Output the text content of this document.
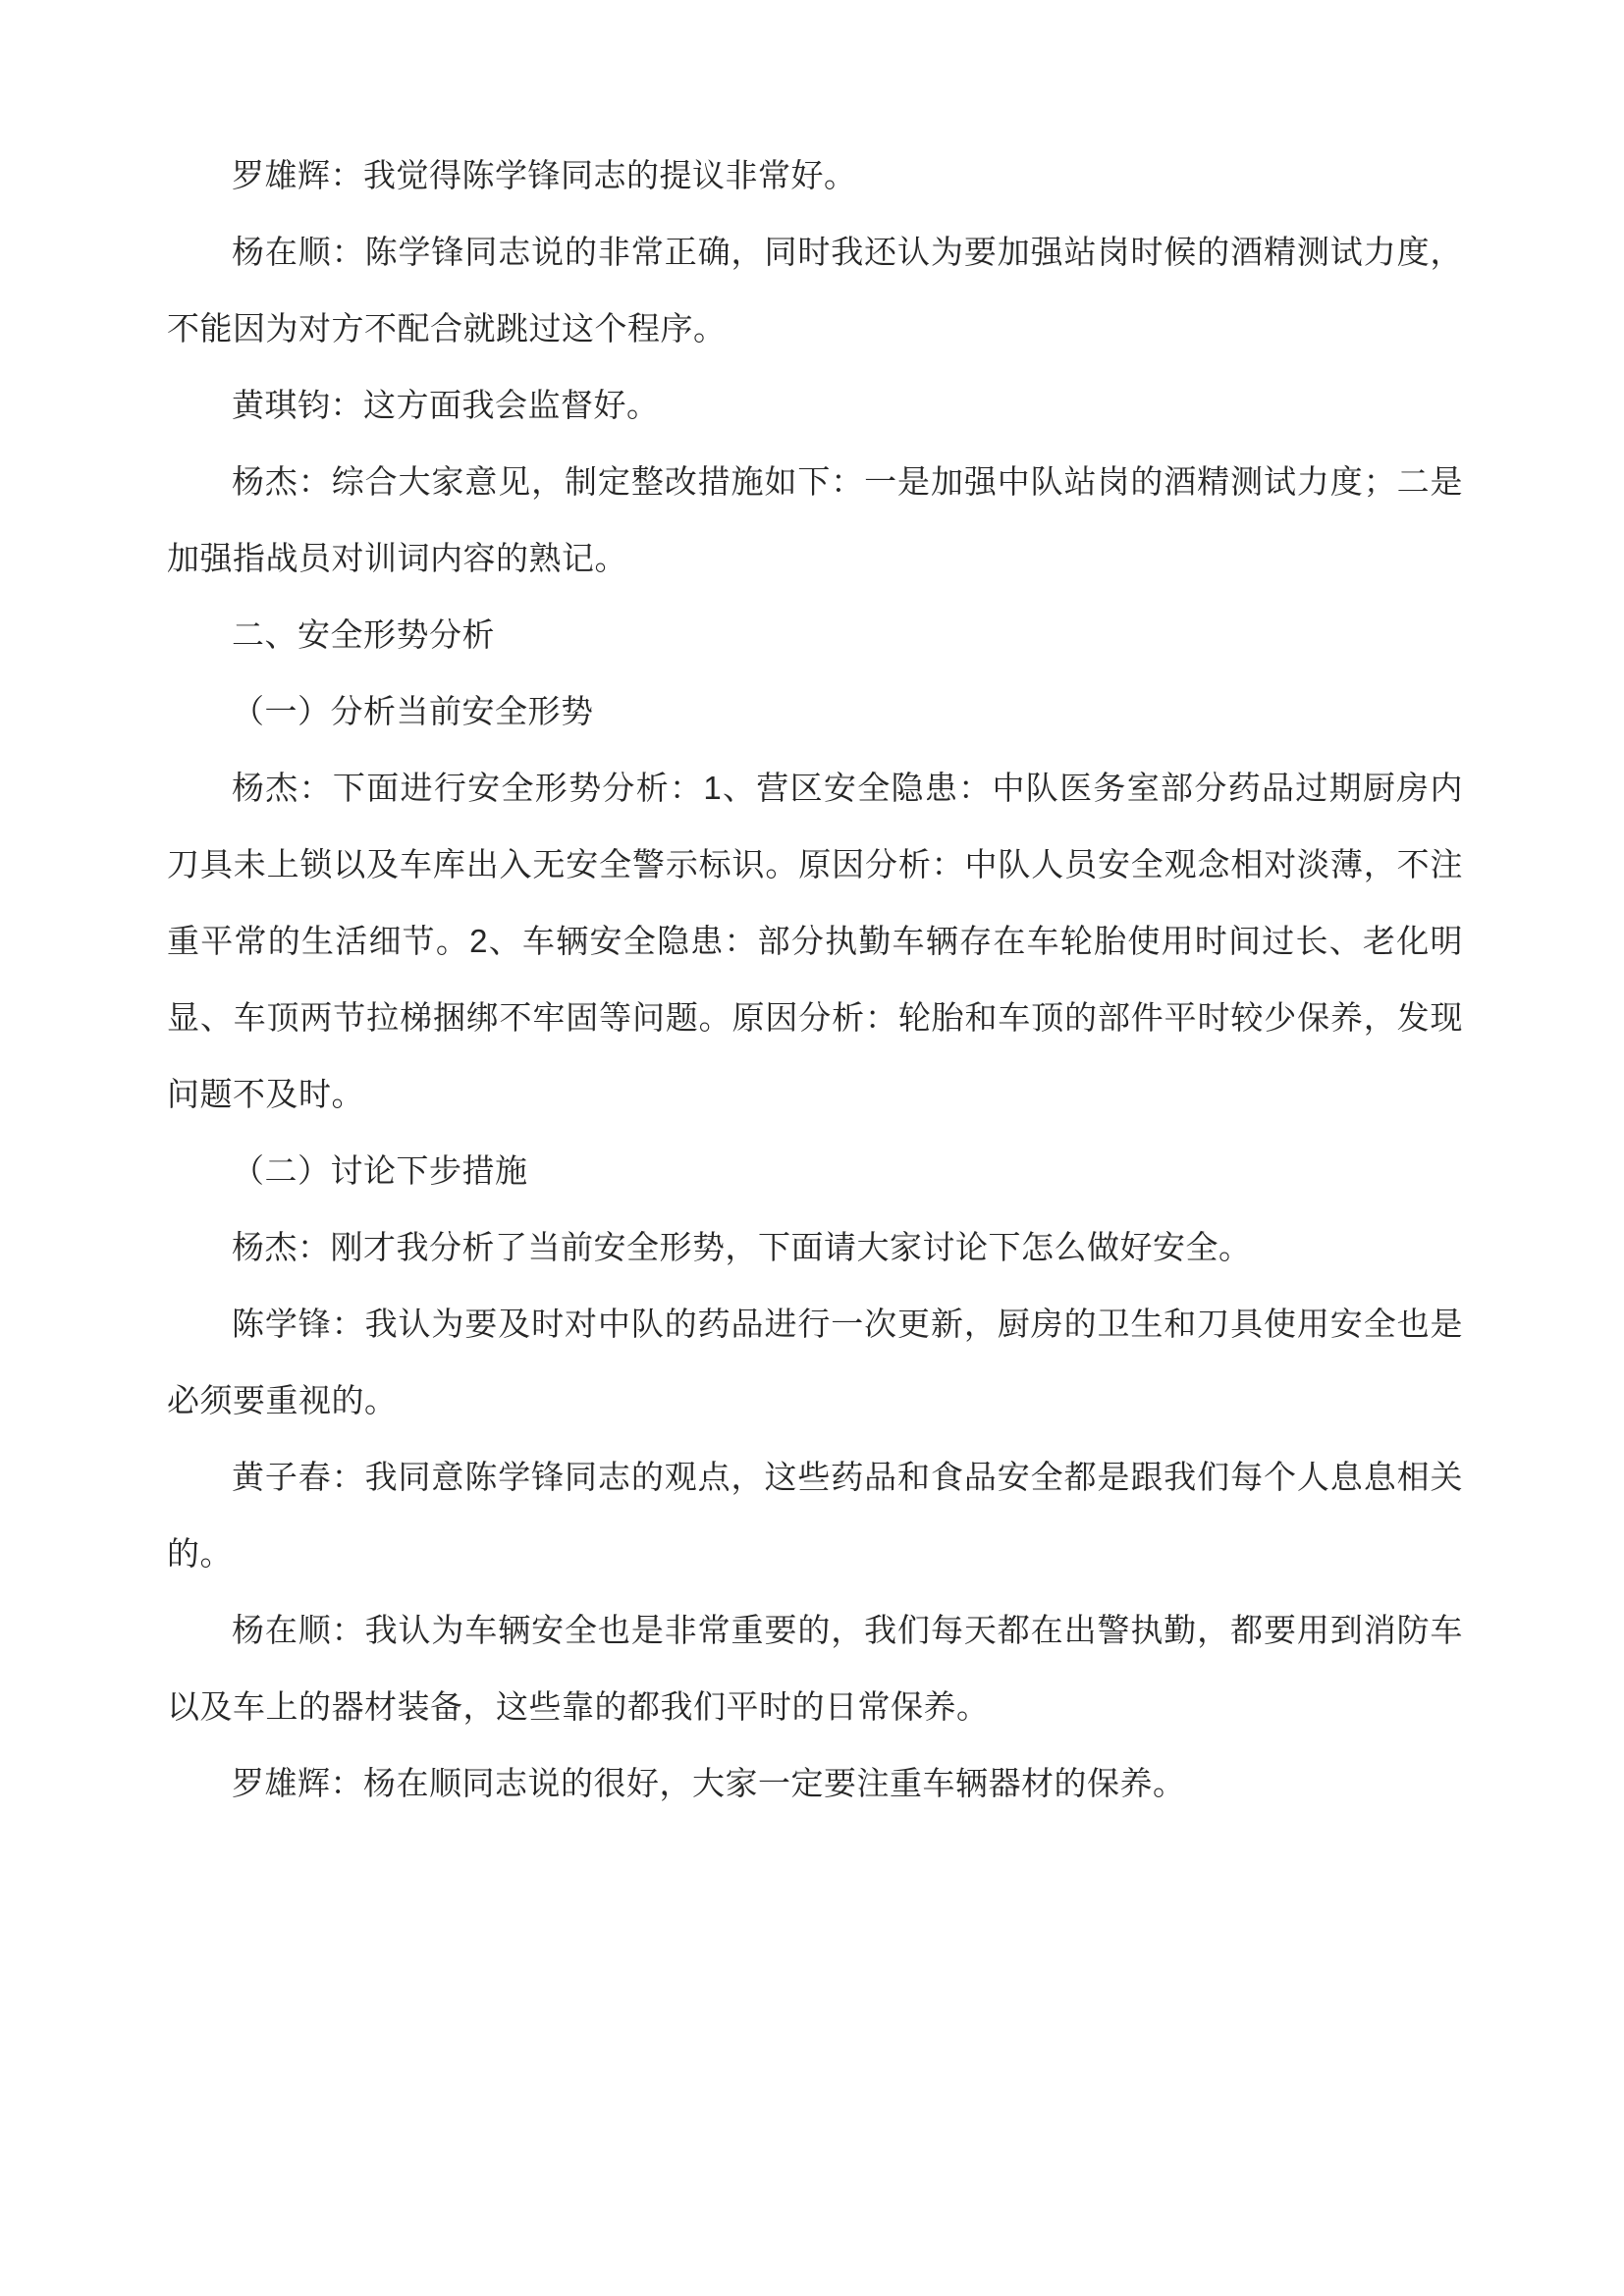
罗雄辉：我觉得陈学锋同志的提议非常好。

杨在顺：陈学锋同志说的非常正确，同时我还认为要加强站岗时候的酒精测试力度，不能因为对方不配合就跳过这个程序。

黄琪钧：这方面我会监督好。

杨杰：综合大家意见，制定整改措施如下：一是加强中队站岗的酒精测试力度；二是加强指战员对训词内容的熟记。

二、安全形势分析

（一）分析当前安全形势

杨杰：下面进行安全形势分析：1、营区安全隐患：中队医务室部分药品过期厨房内刀具未上锁以及车库出入无安全警示标识。原因分析：中队人员安全观念相对淡薄，不注重平常的生活细节。2、车辆安全隐患：部分执勤车辆存在车轮胎使用时间过长、老化明显、车顶两节拉梯捆绑不牢固等问题。原因分析：轮胎和车顶的部件平时较少保养，发现问题不及时。

（二）讨论下步措施

杨杰：刚才我分析了当前安全形势，下面请大家讨论下怎么做好安全。

陈学锋：我认为要及时对中队的药品进行一次更新，厨房的卫生和刀具使用安全也是必须要重视的。

黄子春：我同意陈学锋同志的观点，这些药品和食品安全都是跟我们每个人息息相关的。

杨在顺：我认为车辆安全也是非常重要的，我们每天都在出警执勤，都要用到消防车以及车上的器材装备，这些靠的都我们平时的日常保养。

罗雄辉：杨在顺同志说的很好，大家一定要注重车辆器材的保养。
